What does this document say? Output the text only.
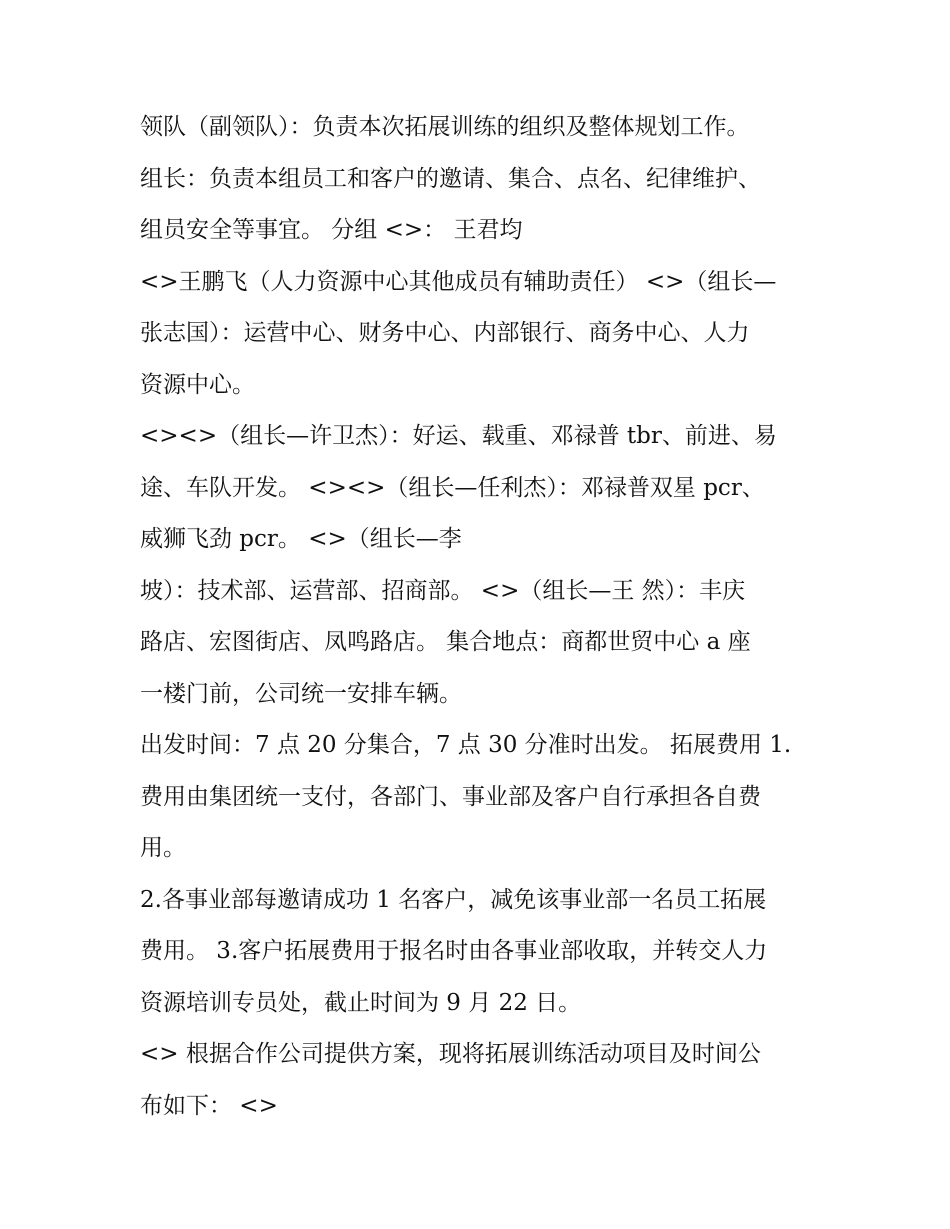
领队（副领队）：负责本次拓展训练的组织及整体规划工作。
组长：负责本组员工和客户的邀请、集合、点名、纪律维护、
组员安全等事宜。 分组 <>： 王君均
<>王鹏飞（人力资源中心其他成员有辅助责任） <>（组长—
张志国）：运营中心、财务中心、内部银行、商务中心、人力
资源中心。
<><>（组长—许卫杰）：好运、载重、邓禄普 tbr、前进、易
途、车队开发。 <><>（组长—任利杰）：邓禄普双星 pcr、
威狮飞劲 pcr。 <>（组长—李
坡）：技术部、运营部、招商部。 <>（组长—王 然）：丰庆
路店、宏图街店、凤鸣路店。 集合地点：商都世贸中心 a 座
一楼门前，公司统一安排车辆。
出发时间：7 点 20 分集合，7 点 30 分准时出发。 拓展费用 1.
费用由集团统一支付，各部门、事业部及客户自行承担各自费
用。
2.各事业部每邀请成功 1 名客户，减免该事业部一名员工拓展
费用。 3.客户拓展费用于报名时由各事业部收取，并转交人力
资源培训专员处，截止时间为 9 月 22 日。
<> 根据合作公司提供方案，现将拓展训练活动项目及时间公
布如下： <>
